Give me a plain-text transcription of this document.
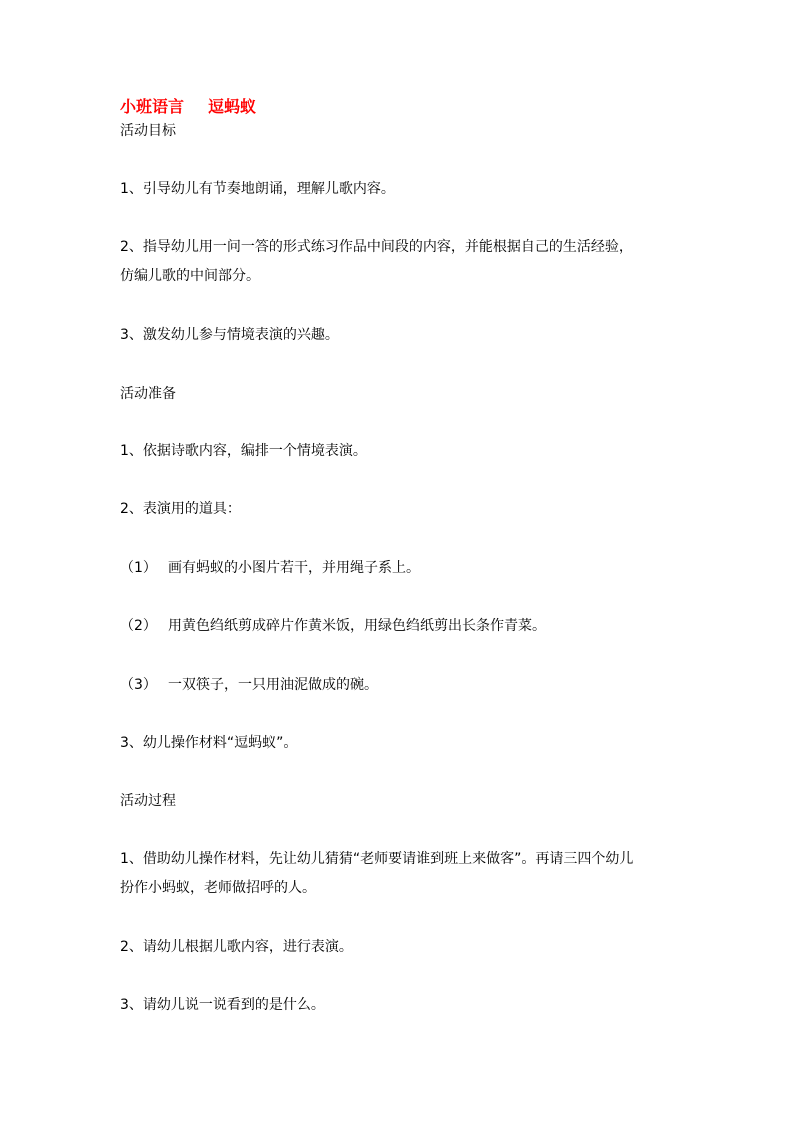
小班语言 逗蚂蚁
活动目标
1、引导幼儿有节奏地朗诵，理解儿歌内容。
2、指导幼儿用一问一答的形式练习作品中间段的内容，并能根据自己的生活经验，
仿编儿歌的中间部分。
3、激发幼儿参与情境表演的兴趣。
活动准备
1、依据诗歌内容，编排一个情境表演。
2、表演用的道具：
（1） 画有蚂蚁的小图片若干，并用绳子系上。
（2） 用黄色绉纸剪成碎片作黄米饭，用绿色绉纸剪出长条作青菜。
（3） 一双筷子，一只用油泥做成的碗。
3、幼儿操作材料“逗蚂蚁”。
活动过程
1、借助幼儿操作材料，先让幼儿猜猜“老师要请谁到班上来做客”。再请三四个幼儿
扮作小蚂蚁，老师做招呼的人。
2、请幼儿根据儿歌内容，进行表演。
3、请幼儿说一说看到的是什么。
